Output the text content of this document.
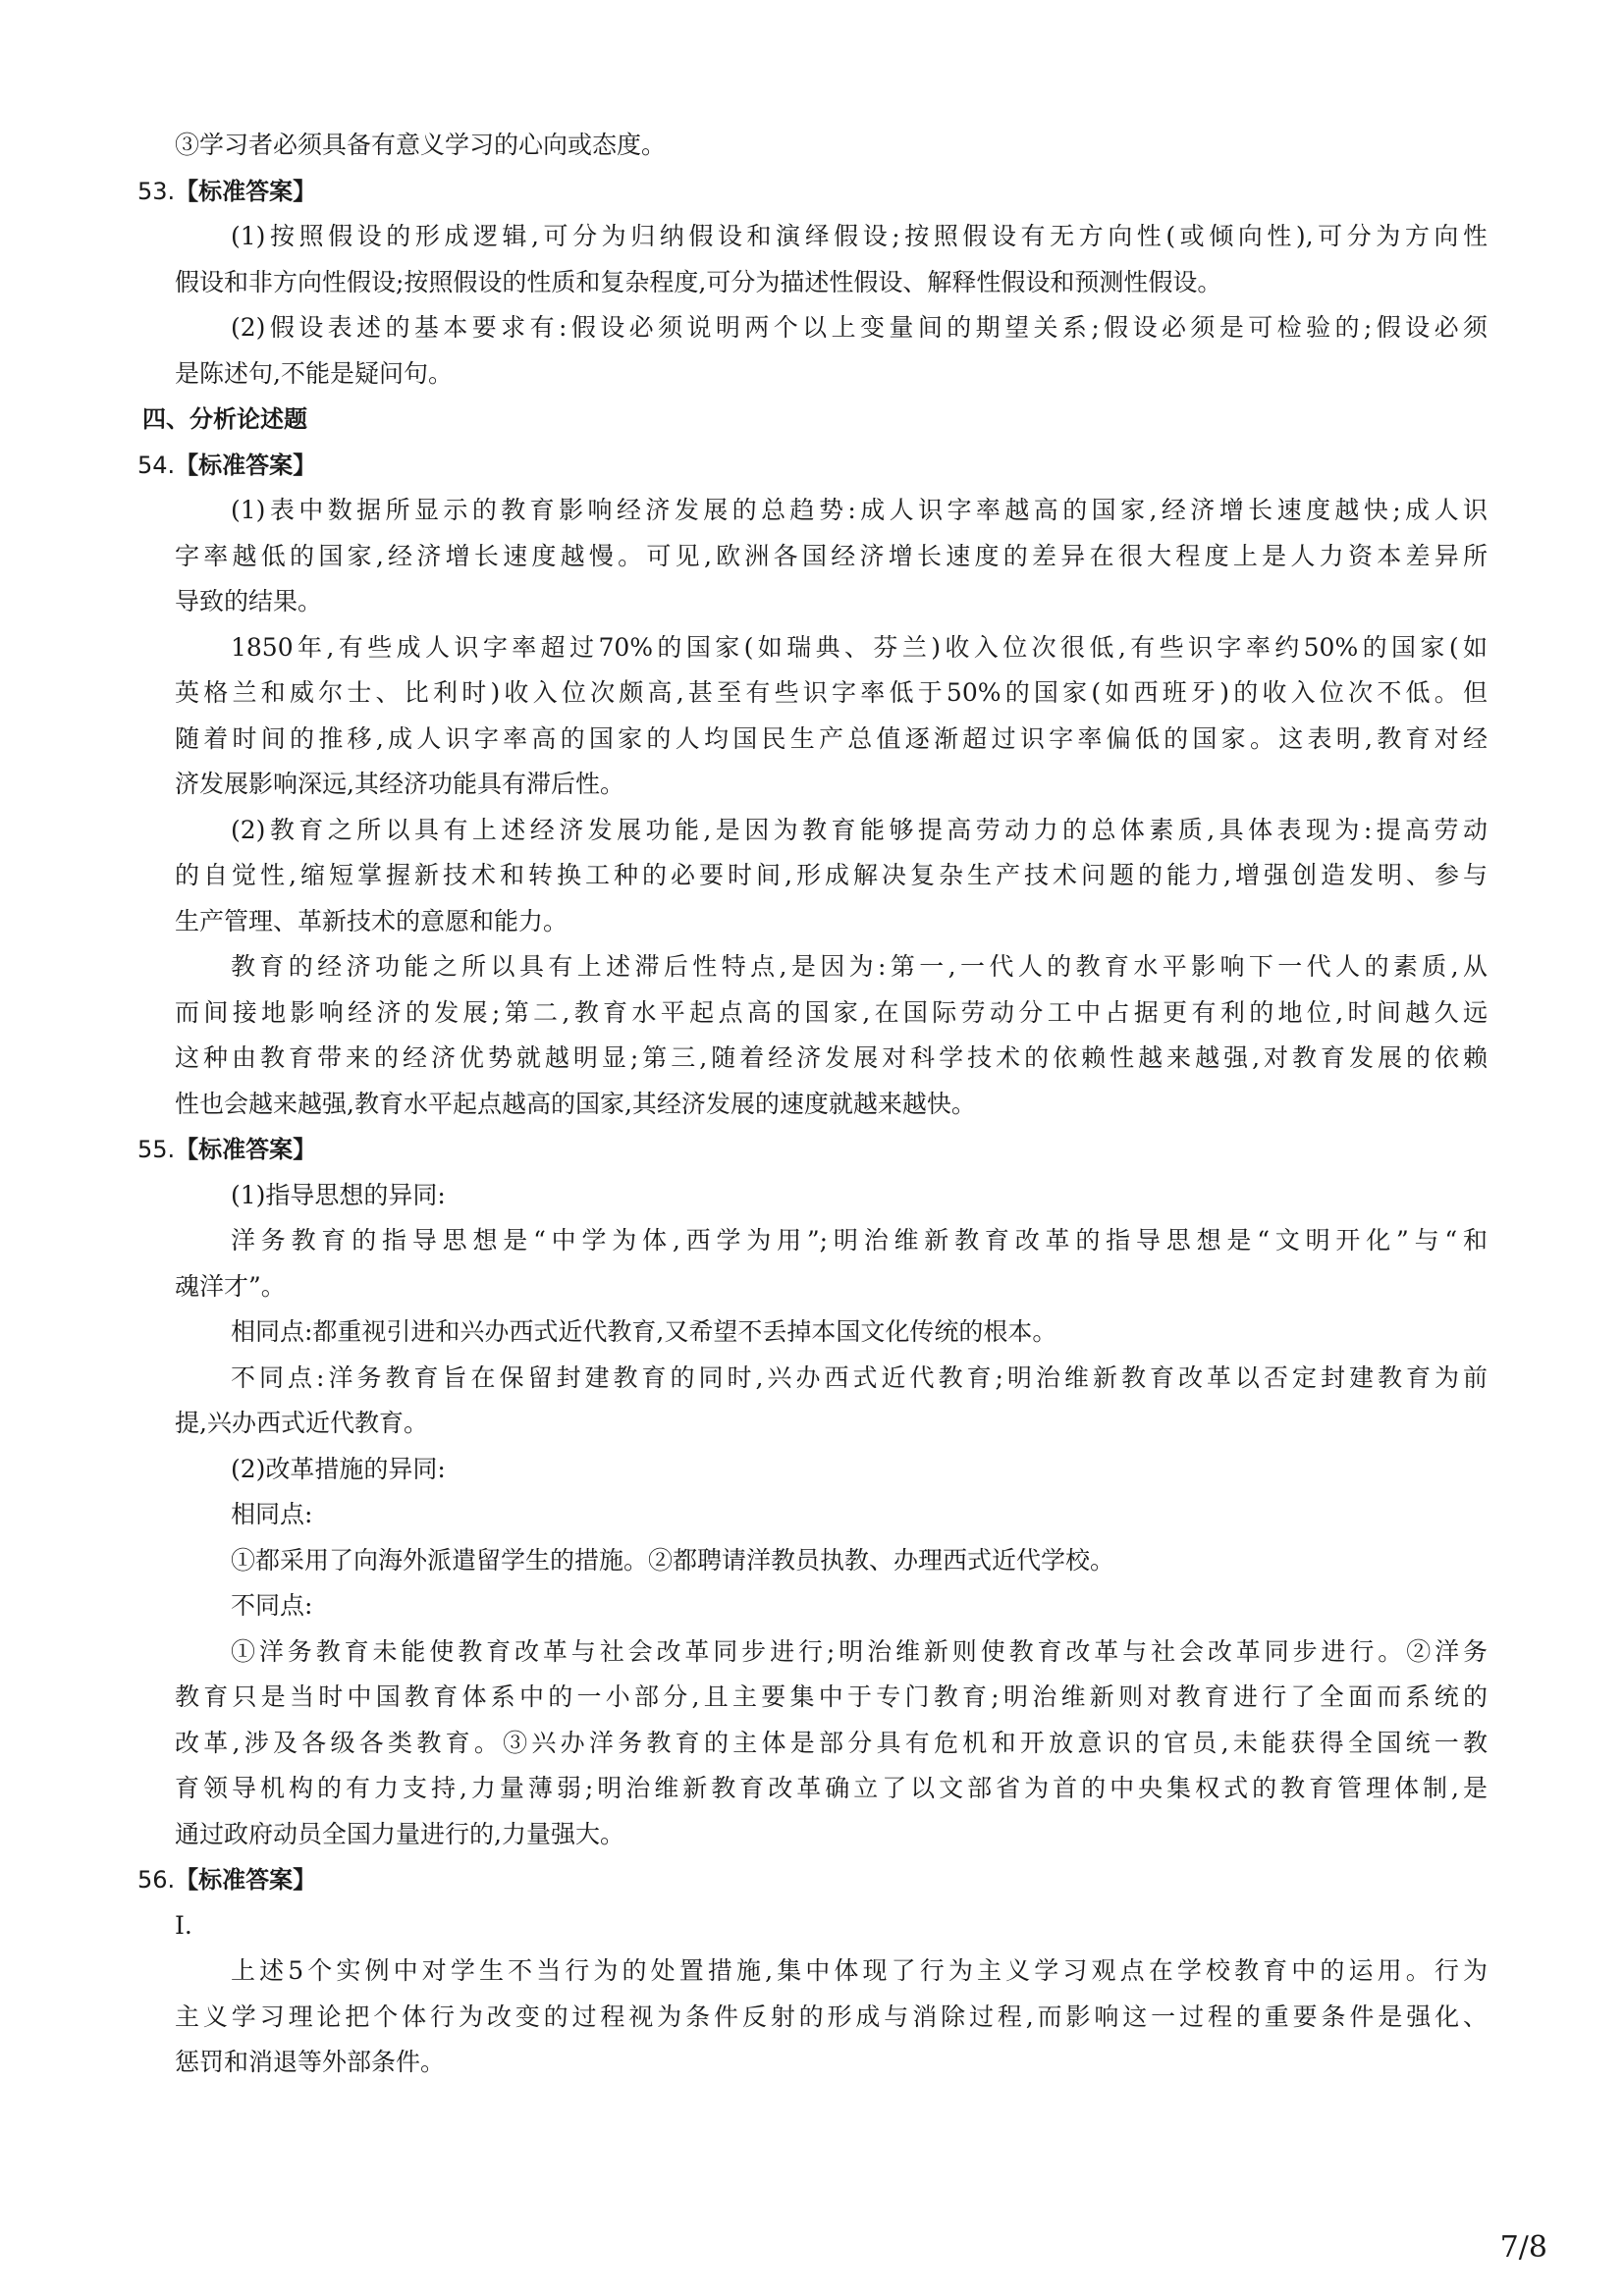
③学习者必须具备有意义学习的心向或态度。
53.【标准答案】
(1)按照假设的形成逻辑,可分为归纳假设和演绎假设;按照假设有无方向性(或倾向性),可分为方向性
假设和非方向性假设;按照假设的性质和复杂程度,可分为描述性假设、解释性假设和预测性假设。
(2)假设表述的基本要求有:假设必须说明两个以上变量间的期望关系;假设必须是可检验的;假设必须
是陈述句,不能是疑问句。
四、分析论述题
54.【标准答案】
(1)表中数据所显示的教育影响经济发展的总趋势:成人识字率越高的国家,经济增长速度越快;成人识
字率越低的国家,经济增长速度越慢。可见,欧洲各国经济增长速度的差异在很大程度上是人力资本差异所
导致的结果。
1850年,有些成人识字率超过70%的国家(如瑞典、芬兰)收入位次很低,有些识字率约50%的国家(如
英格兰和威尔士、比利时)收入位次颇高,甚至有些识字率低于50%的国家(如西班牙)的收入位次不低。但
随着时间的推移,成人识字率高的国家的人均国民生产总值逐渐超过识字率偏低的国家。这表明,教育对经
济发展影响深远,其经济功能具有滞后性。
(2)教育之所以具有上述经济发展功能,是因为教育能够提高劳动力的总体素质,具体表现为:提高劳动
的自觉性,缩短掌握新技术和转换工种的必要时间,形成解决复杂生产技术问题的能力,增强创造发明、参与
生产管理、革新技术的意愿和能力。
教育的经济功能之所以具有上述滞后性特点,是因为:第一,一代人的教育水平影响下一代人的素质,从
而间接地影响经济的发展;第二,教育水平起点高的国家,在国际劳动分工中占据更有利的地位,时间越久远
这种由教育带来的经济优势就越明显;第三,随着经济发展对科学技术的依赖性越来越强,对教育发展的依赖
性也会越来越强,教育水平起点越高的国家,其经济发展的速度就越来越快。
55.【标准答案】
(1)指导思想的异同:
洋务教育的指导思想是“中学为体,西学为用”;明治维新教育改革的指导思想是“文明开化”与“和
魂洋才”。
相同点:都重视引进和兴办西式近代教育,又希望不丢掉本国文化传统的根本。
不同点:洋务教育旨在保留封建教育的同时,兴办西式近代教育;明治维新教育改革以否定封建教育为前
提,兴办西式近代教育。
(2)改革措施的异同:
相同点:
①都采用了向海外派遣留学生的措施。②都聘请洋教员执教、办理西式近代学校。
不同点:
①洋务教育未能使教育改革与社会改革同步进行;明治维新则使教育改革与社会改革同步进行。②洋务
教育只是当时中国教育体系中的一小部分,且主要集中于专门教育;明治维新则对教育进行了全面而系统的
改革,涉及各级各类教育。③兴办洋务教育的主体是部分具有危机和开放意识的官员,未能获得全国统一教
育领导机构的有力支持,力量薄弱;明治维新教育改革确立了以文部省为首的中央集权式的教育管理体制,是
通过政府动员全国力量进行的,力量强大。
56.【标准答案】
Ⅰ.
上述5个实例中对学生不当行为的处置措施,集中体现了行为主义学习观点在学校教育中的运用。行为
主义学习理论把个体行为改变的过程视为条件反射的形成与消除过程,而影响这一过程的重要条件是强化、
惩罚和消退等外部条件。
7/8
